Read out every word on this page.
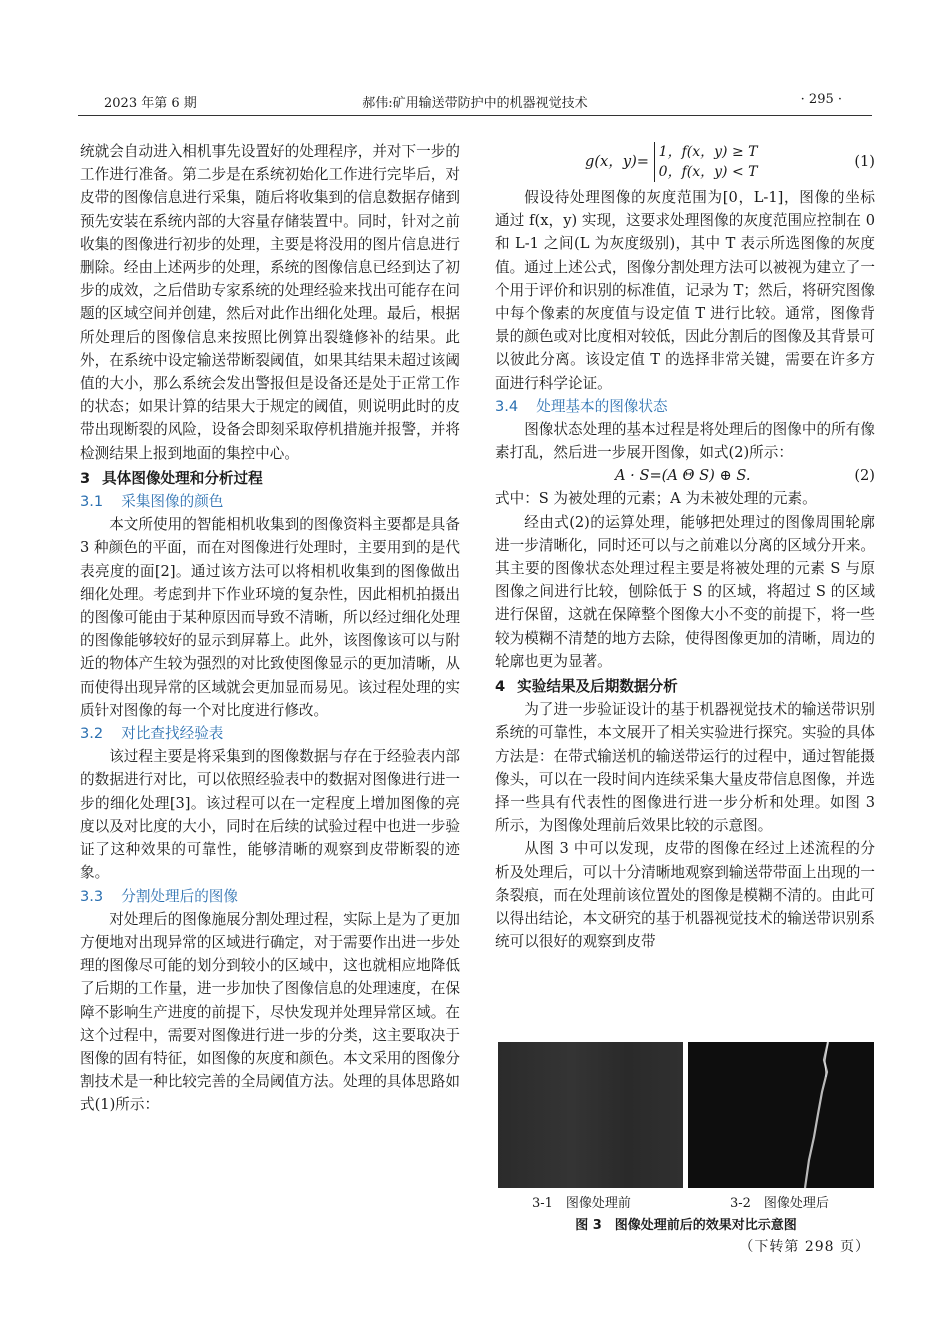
2023 年第 6 期	郝伟:矿用输送带防护中的机器视觉技术	· 295 ·

统就会自动进入相机事先设置好的处理程序，并对下一步的工作进行准备。第二步是在系统初始化工作进行完毕后，对皮带的图像信息进行采集，随后将收集到的信息数据存储到预先安装在系统内部的大容量存储装置中。同时，针对之前收集的图像进行初步的处理，主要是将没用的图片信息进行删除。经由上述两步的处理，系统的图像信息已经到达了初步的成效，之后借助专家系统的处理经验来找出可能存在问题的区域空间并创建，然后对此作出细化处理。最后，根据所处理后的图像信息来按照比例算出裂缝修补的结果。此外，在系统中设定输送带断裂阈值，如果其结果未超过该阈值的大小，那么系统会发出警报但是设备还是处于正常工作的状态；如果计算的结果大于规定的阈值，则说明此时的皮带出现断裂的风险，设备会即刻采取停机措施并报警，并将检测结果上报到地面的集控中心。

3 具体图像处理和分析过程
3.1 采集图像的颜色

本文所使用的智能相机收集到的图像资料主要都是具备 3 种颜色的平面，而在对图像进行处理时，主要用到的是代表亮度的面[2]。通过该方法可以将相机收集到的图像做出细化处理。考虑到井下作业环境的复杂性，因此相机拍摄出的图像可能由于某种原因而导致不清晰，所以经过细化处理的图像能够较好的显示到屏幕上。此外，该图像该可以与附近的物体产生较为强烈的对比致使图像显示的更加清晰，从而使得出现异常的区域就会更加显而易见。该过程处理的实质针对图像的每一个对比度进行修改。

3.2 对比查找经验表

该过程主要是将采集到的图像数据与存在于经验表内部的数据进行对比，可以依照经验表中的数据对图像进行进一步的细化处理[3]。该过程可以在一定程度上增加图像的亮度以及对比度的大小，同时在后续的试验过程中也进一步验证了这种效果的可靠性，能够清晰的观察到皮带断裂的迹象。

3.3 分割处理后的图像

对处理后的图像施展分割处理过程，实际上是为了更加方便地对出现异常的区域进行确定，对于需要作出进一步处理的图像尽可能的划分到较小的区域中，这也就相应地降低了后期的工作量，进一步加快了图像信息的处理速度，在保障不影响生产进度的前提下，尽快发现并处理异常区域。在这个过程中，需要对图像进行进一步的分类，这主要取决于图像的固有特征，如图像的灰度和颜色。本文采用的图像分割技术是一种比较完善的全局阈值方法。处理的具体思路如式(1)所示：

g(x，y)=
1，f(x，y) ≥ T
0，f(x，y) < T
(1)

假设待处理图像的灰度范围为[0，L-1]，图像的坐标通过 f(x，y) 实现，这要求处理图像的灰度范围应控制在 0 和 L-1 之间(L 为灰度级别)，其中 T 表示所选图像的灰度值。通过上述公式，图像分割处理方法可以被视为建立了一个用于评价和识别的标准值，记录为 T；然后，将研究图像中每个像素的灰度值与设定值 T 进行比较。通常，图像背景的颜色或对比度相对较低，因此分割后的图像及其背景可以彼此分离。该设定值 T 的选择非常关键，需要在许多方面进行科学论证。

3.4 处理基本的图像状态

图像状态处理的基本过程是将处理后的图像中的所有像素打乱，然后进一步展开图像，如式(2)所示：

A · S=(A Θ S) ⊕ S.	(2)

式中：S 为被处理的元素；A 为未被处理的元素。

经由式(2)的运算处理，能够把处理过的图像周围轮廓进一步清晰化，同时还可以与之前难以分离的区域分开来。其主要的图像状态处理过程主要是将被处理的元素 S 与原图像之间进行比较，刨除低于 S 的区域，将超过 S 的区域进行保留，这就在保障整个图像大小不变的前提下，将一些较为模糊不清楚的地方去除，使得图像更加的清晰，周边的轮廓也更为显著。

4 实验结果及后期数据分析

为了进一步验证设计的基于机器视觉技术的输送带识别系统的可靠性，本文展开了相关实验进行探究。实验的具体方法是：在带式输送机的输送带运行的过程中，通过智能摄像头，可以在一段时间内连续采集大量皮带信息图像，并选择一些具有代表性的图像进行进一步分析和处理。如图 3 所示，为图像处理前后效果比较的示意图。

从图 3 中可以发现，皮带的图像在经过上述流程的分析及处理后，可以十分清晰地观察到输送带带面上出现的一条裂痕，而在处理前该位置处的图像是模糊不清的。由此可以得出结论，本文研究的基于机器视觉技术的输送带识别系统可以很好的观察到皮带

3-1　图像处理前	3-2　图像处理后
图 3　图像处理前后的效果对比示意图
（下转第 298 页）
